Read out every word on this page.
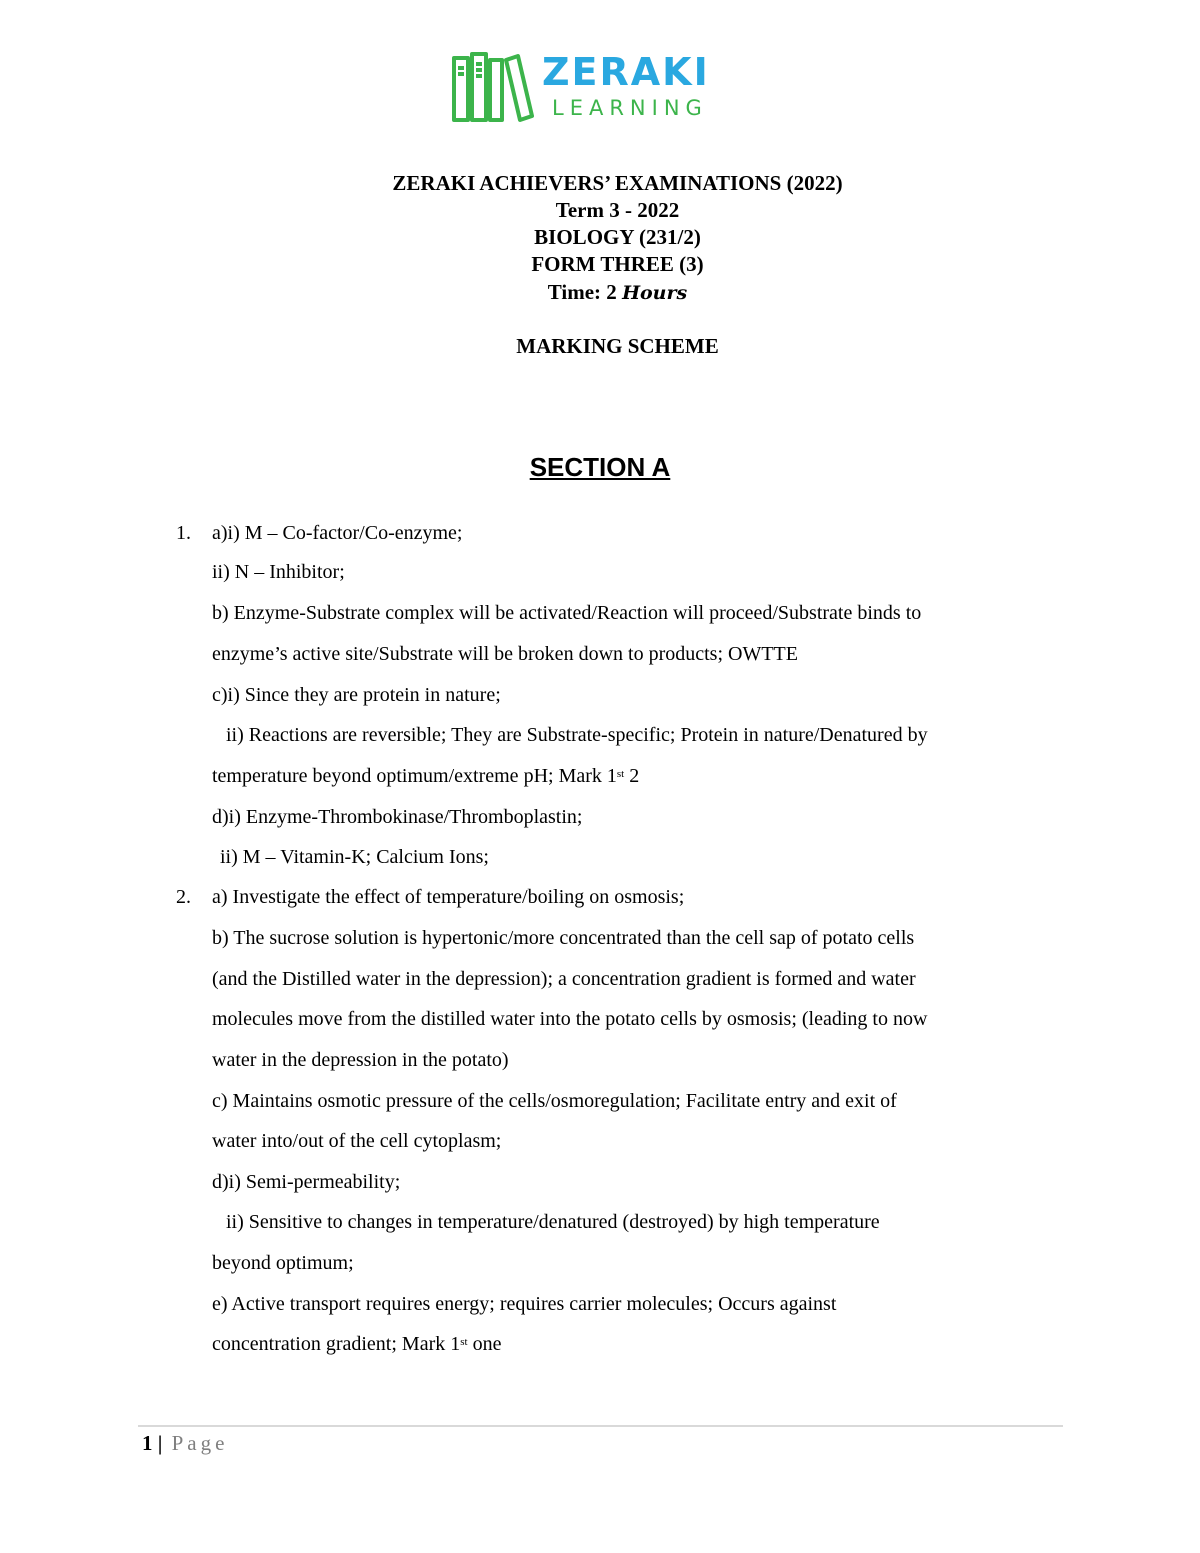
ZERAKI
LEARNING
ZERAKI ACHIEVERS’ EXAMINATIONS (2022)
Term 3 - 2022
BIOLOGY (231/2)
FORM THREE (3)
Time: 2 Hours
MARKING SCHEME
SECTION A
1. a)i) M – Co-factor/Co-enzyme;
ii) N – Inhibitor;
b) Enzyme-Substrate complex will be activated/Reaction will proceed/Substrate binds to
enzyme’s active site/Substrate will be broken down to products; OWTTE
c)i) Since they are protein in nature;
ii) Reactions are reversible; They are Substrate-specific; Protein in nature/Denatured by
temperature beyond optimum/extreme pH; Mark 1st 2
d)i) Enzyme-Thrombokinase/Thromboplastin;
ii) M – Vitamin-K; Calcium Ions;
2. a) Investigate the effect of temperature/boiling on osmosis;
b) The sucrose solution is hypertonic/more concentrated than the cell sap of potato cells
(and the Distilled water in the depression); a concentration gradient is formed and water
molecules move from the distilled water into the potato cells by osmosis; (leading to now
water in the depression in the potato)
c) Maintains osmotic pressure of the cells/osmoregulation; Facilitate entry and exit of
water into/out of the cell cytoplasm;
d)i) Semi-permeability;
ii) Sensitive to changes in temperature/denatured (destroyed) by high temperature
beyond optimum;
e) Active transport requires energy; requires carrier molecules; Occurs against
concentration gradient; Mark 1st one
1 | Page
